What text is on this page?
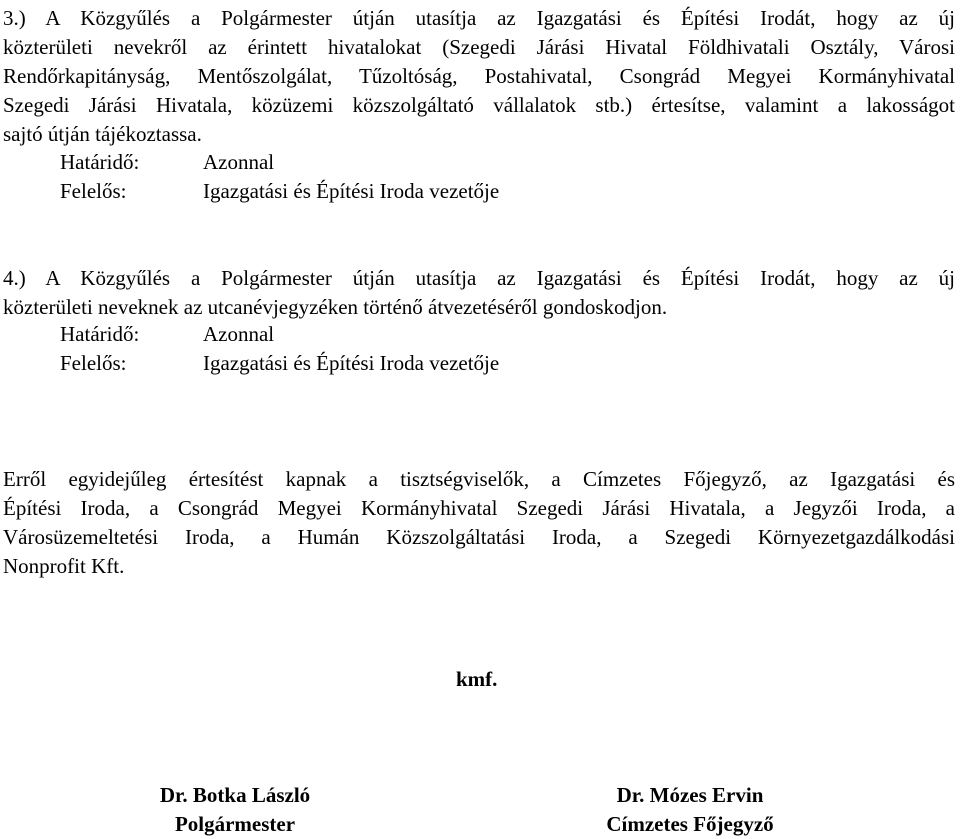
3.) A Közgyűlés a Polgármester útján utasítja az Igazgatási és Építési Irodát, hogy az új
közterületi nevekről az érintett hivatalokat (Szegedi Járási Hivatal Földhivatali Osztály, Városi
Rendőrkapitányság, Mentőszolgálat, Tűzoltóság, Postahivatal, Csongrád Megyei Kormányhivatal
Szegedi Járási Hivatala, közüzemi közszolgáltató vállalatok stb.) értesítse, valamint a lakosságot
sajtó útján tájékoztassa.
Határidő:	Azonnal
Felelős:	Igazgatási és Építési Iroda vezetője
4.) A Közgyűlés a Polgármester útján utasítja az Igazgatási és Építési Irodát, hogy az új
közterületi neveknek az utcanévjegyzéken történő átvezetéséről gondoskodjon.
Határidő:	Azonnal
Felelős:	Igazgatási és Építési Iroda vezetője
Erről egyidejűleg értesítést kapnak a tisztségviselők, a Címzetes Főjegyző, az Igazgatási és
Építési Iroda, a Csongrád Megyei Kormányhivatal Szegedi Járási Hivatala, a Jegyzői Iroda, a
Városüzemeltetési Iroda, a Humán Közszolgáltatási Iroda, a Szegedi Környezetgazdálkodási
Nonprofit Kft.
kmf.
Dr. Botka László
Polgármester
Dr. Mózes Ervin
Címzetes Főjegyző
